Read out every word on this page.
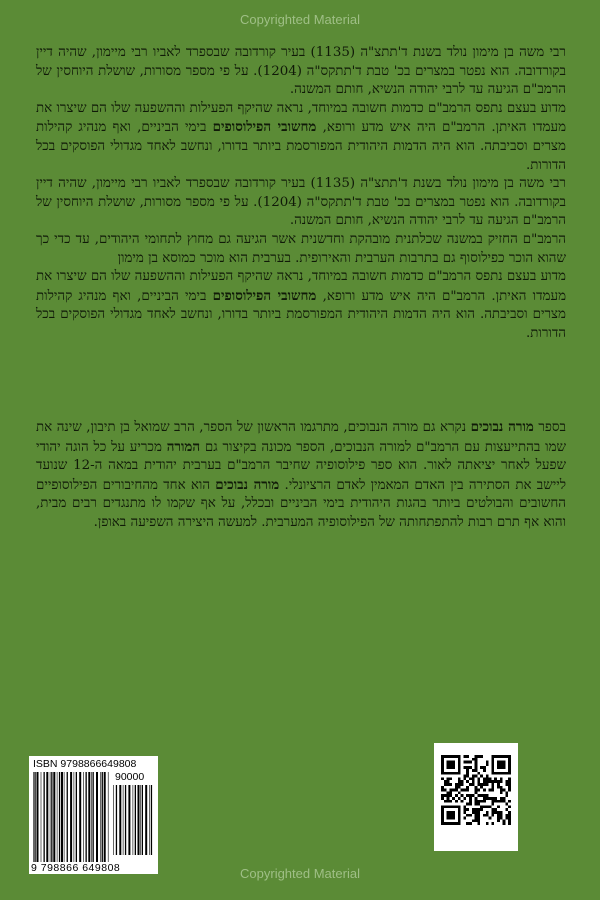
Copyrighted Material

רבי משה בן מימון נולד בשנת ד'תתצ"ה (1135) בעיר קורדובה שבספרד לאביו רבי מיימון, שהיה דיין בקורדובה. הוא נפטר במצרים בכ' טבת ד'תתקס"ה (1204). על פי מספר מסורות, שושלת היוחסין של הרמב"ם הגיעה עד לרבי יהודה הנשיא, חותם המשנה.

מדוע בעצם נתפס הרמב"ם כדמות חשובה במיוחד, נראה שהיקף הפעילות וההשפעה שלו הם שיצרו את מעמדו האיתן. הרמב"ם היה איש מדע ורופא, מחשובי הפילוסופים בימי הביניים, ואף מנהיג קהילות מצרים וסביבתה. הוא היה הדמות היהודית המפורסמת ביותר בדורו, ונחשב לאחד מגדולי הפוסקים בכל הדורות.

רבי משה בן מימון נולד בשנת ד'תתצ"ה (1135) בעיר קורדובה שבספרד לאביו רבי מיימון, שהיה דיין בקורדובה. הוא נפטר במצרים בכ' טבת ד'תתקס"ה (1204). על פי מספר מסורות, שושלת היוחסין של הרמב"ם הגיעה עד לרבי יהודה הנשיא, חותם המשנה.

הרמב"ם החזיק במשנה שכלתנית מובהקת וחדשנית אשר הגיעה גם מחוץ לתחומי היהודים, עד כדי כך שהוא הוכר כפילוסוף גם בתרבות הערבית והאירופית. בערבית הוא מוכר כמוסא בן מימון

מדוע בעצם נתפס הרמב"ם כדמות חשובה במיוחד, נראה שהיקף הפעילות וההשפעה שלו הם שיצרו את מעמדו האיתן. הרמב"ם היה איש מדע ורופא, מחשובי הפילוסופים בימי הביניים, ואף מנהיג קהילות מצרים וסביבתה. הוא היה הדמות היהודית המפורסמת ביותר בדורו, ונחשב לאחד מגדולי הפוסקים בכל הדורות.

בספר מורה נבוכים נקרא גם מורה הנבוכים, מתרגמו הראשון של הספר, הרב שמואל בן תיבון, שינה את שמו בהתייעצות עם הרמב"ם למורה הנבוכים, הספר מכונה בקיצור גם המורה מכריע על כל הוגה יהודי שפעל לאחר יציאתה לאור. הוא ספר פילוסופיה שחיבר הרמב"ם בערבית יהודית במאה ה-12 שנועד ליישב את הסתירה בין האדם המאמין לאדם הרציונלי. מורה נבוכים הוא אחד מהחיבורים הפילוסופיים החשובים והבולטים ביותר בהגות היהודית בימי הביניים ובכלל, על אף שקמו לו מתנגדים רבים מבית, והוא אף תרם רבות להתפתחותה של הפילוסופיה המערבית. למעשה היצירה השפיעה באופן.

ISBN 9798866649808
90000
9 798866 649808	Copyrighted Material
